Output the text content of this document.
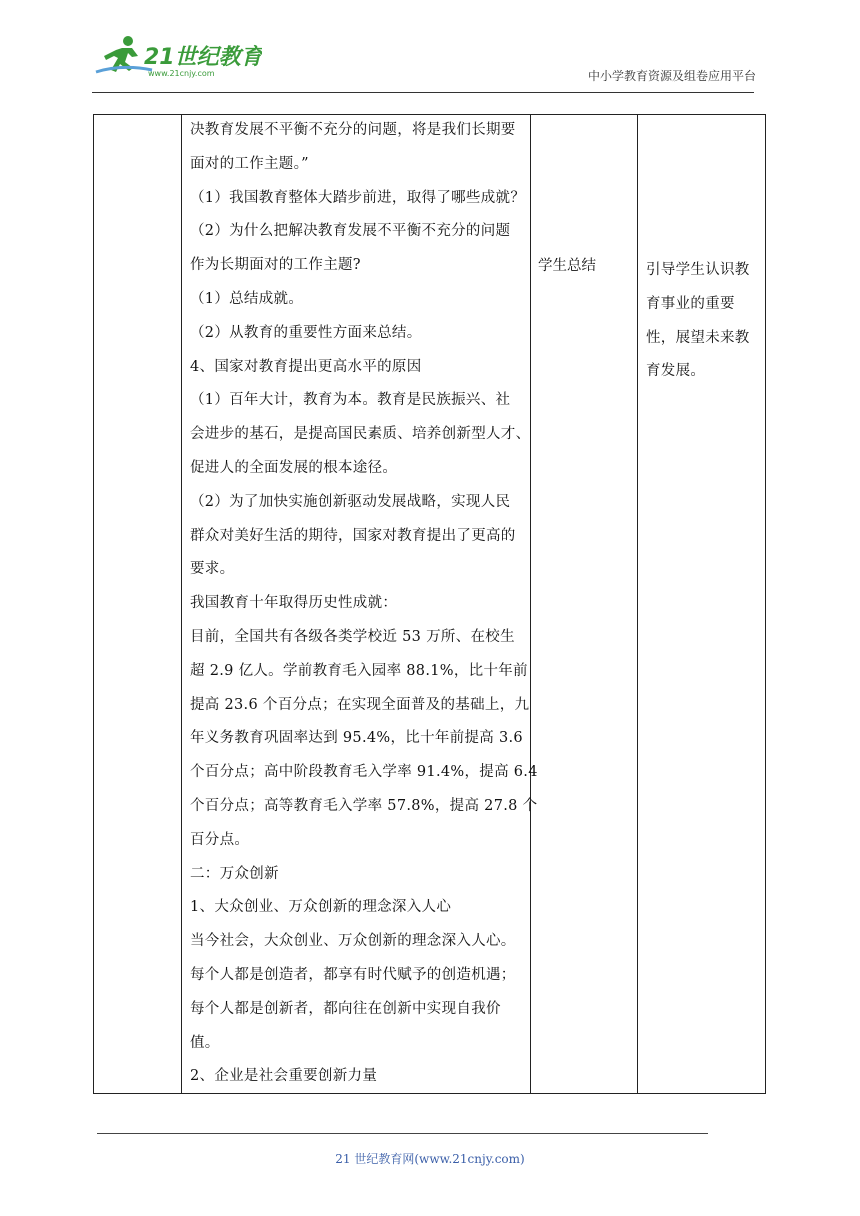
21世纪教育
www.21cnjy.com	中小学教育资源及组卷应用平台
决教育发展不平衡不充分的问题，将是我们长期要
面对的工作主题。”
（1）我国教育整体大踏步前进，取得了哪些成就？
（2）为什么把解决教育发展不平衡不充分的问题
作为长期面对的工作主题?
（1）总结成就。
（2）从教育的重要性方面来总结。
4、国家对教育提出更高水平的原因
（1）百年大计，教育为本。教育是民族振兴、社
会进步的基石，是提高国民素质、培养创新型人才、
促进人的全面发展的根本途径。
（2）为了加快实施创新驱动发展战略，实现人民
群众对美好生活的期待，国家对教育提出了更高的
要求。
我国教育十年取得历史性成就：
目前，全国共有各级各类学校近 53 万所、在校生
超 2.9 亿人。学前教育毛入园率 88.1%，比十年前
提高 23.6 个百分点；在实现全面普及的基础上，九
年义务教育巩固率达到 95.4%，比十年前提高 3.6
个百分点；高中阶段教育毛入学率 91.4%，提高 6.4
个百分点；高等教育毛入学率 57.8%，提高 27.8 个
百分点。
二：万众创新
1、大众创业、万众创新的理念深入人心
当今社会，大众创业、万众创新的理念深入人心。
每个人都是创造者，都享有时代赋予的创造机遇；
每个人都是创新者，都向往在创新中实现自我价
值。
2、企业是社会重要创新力量
学生总结	引导学生认识教
育事业的重要
性，展望未来教
育发展。
21 世纪教育网(www.21cnjy.com)
